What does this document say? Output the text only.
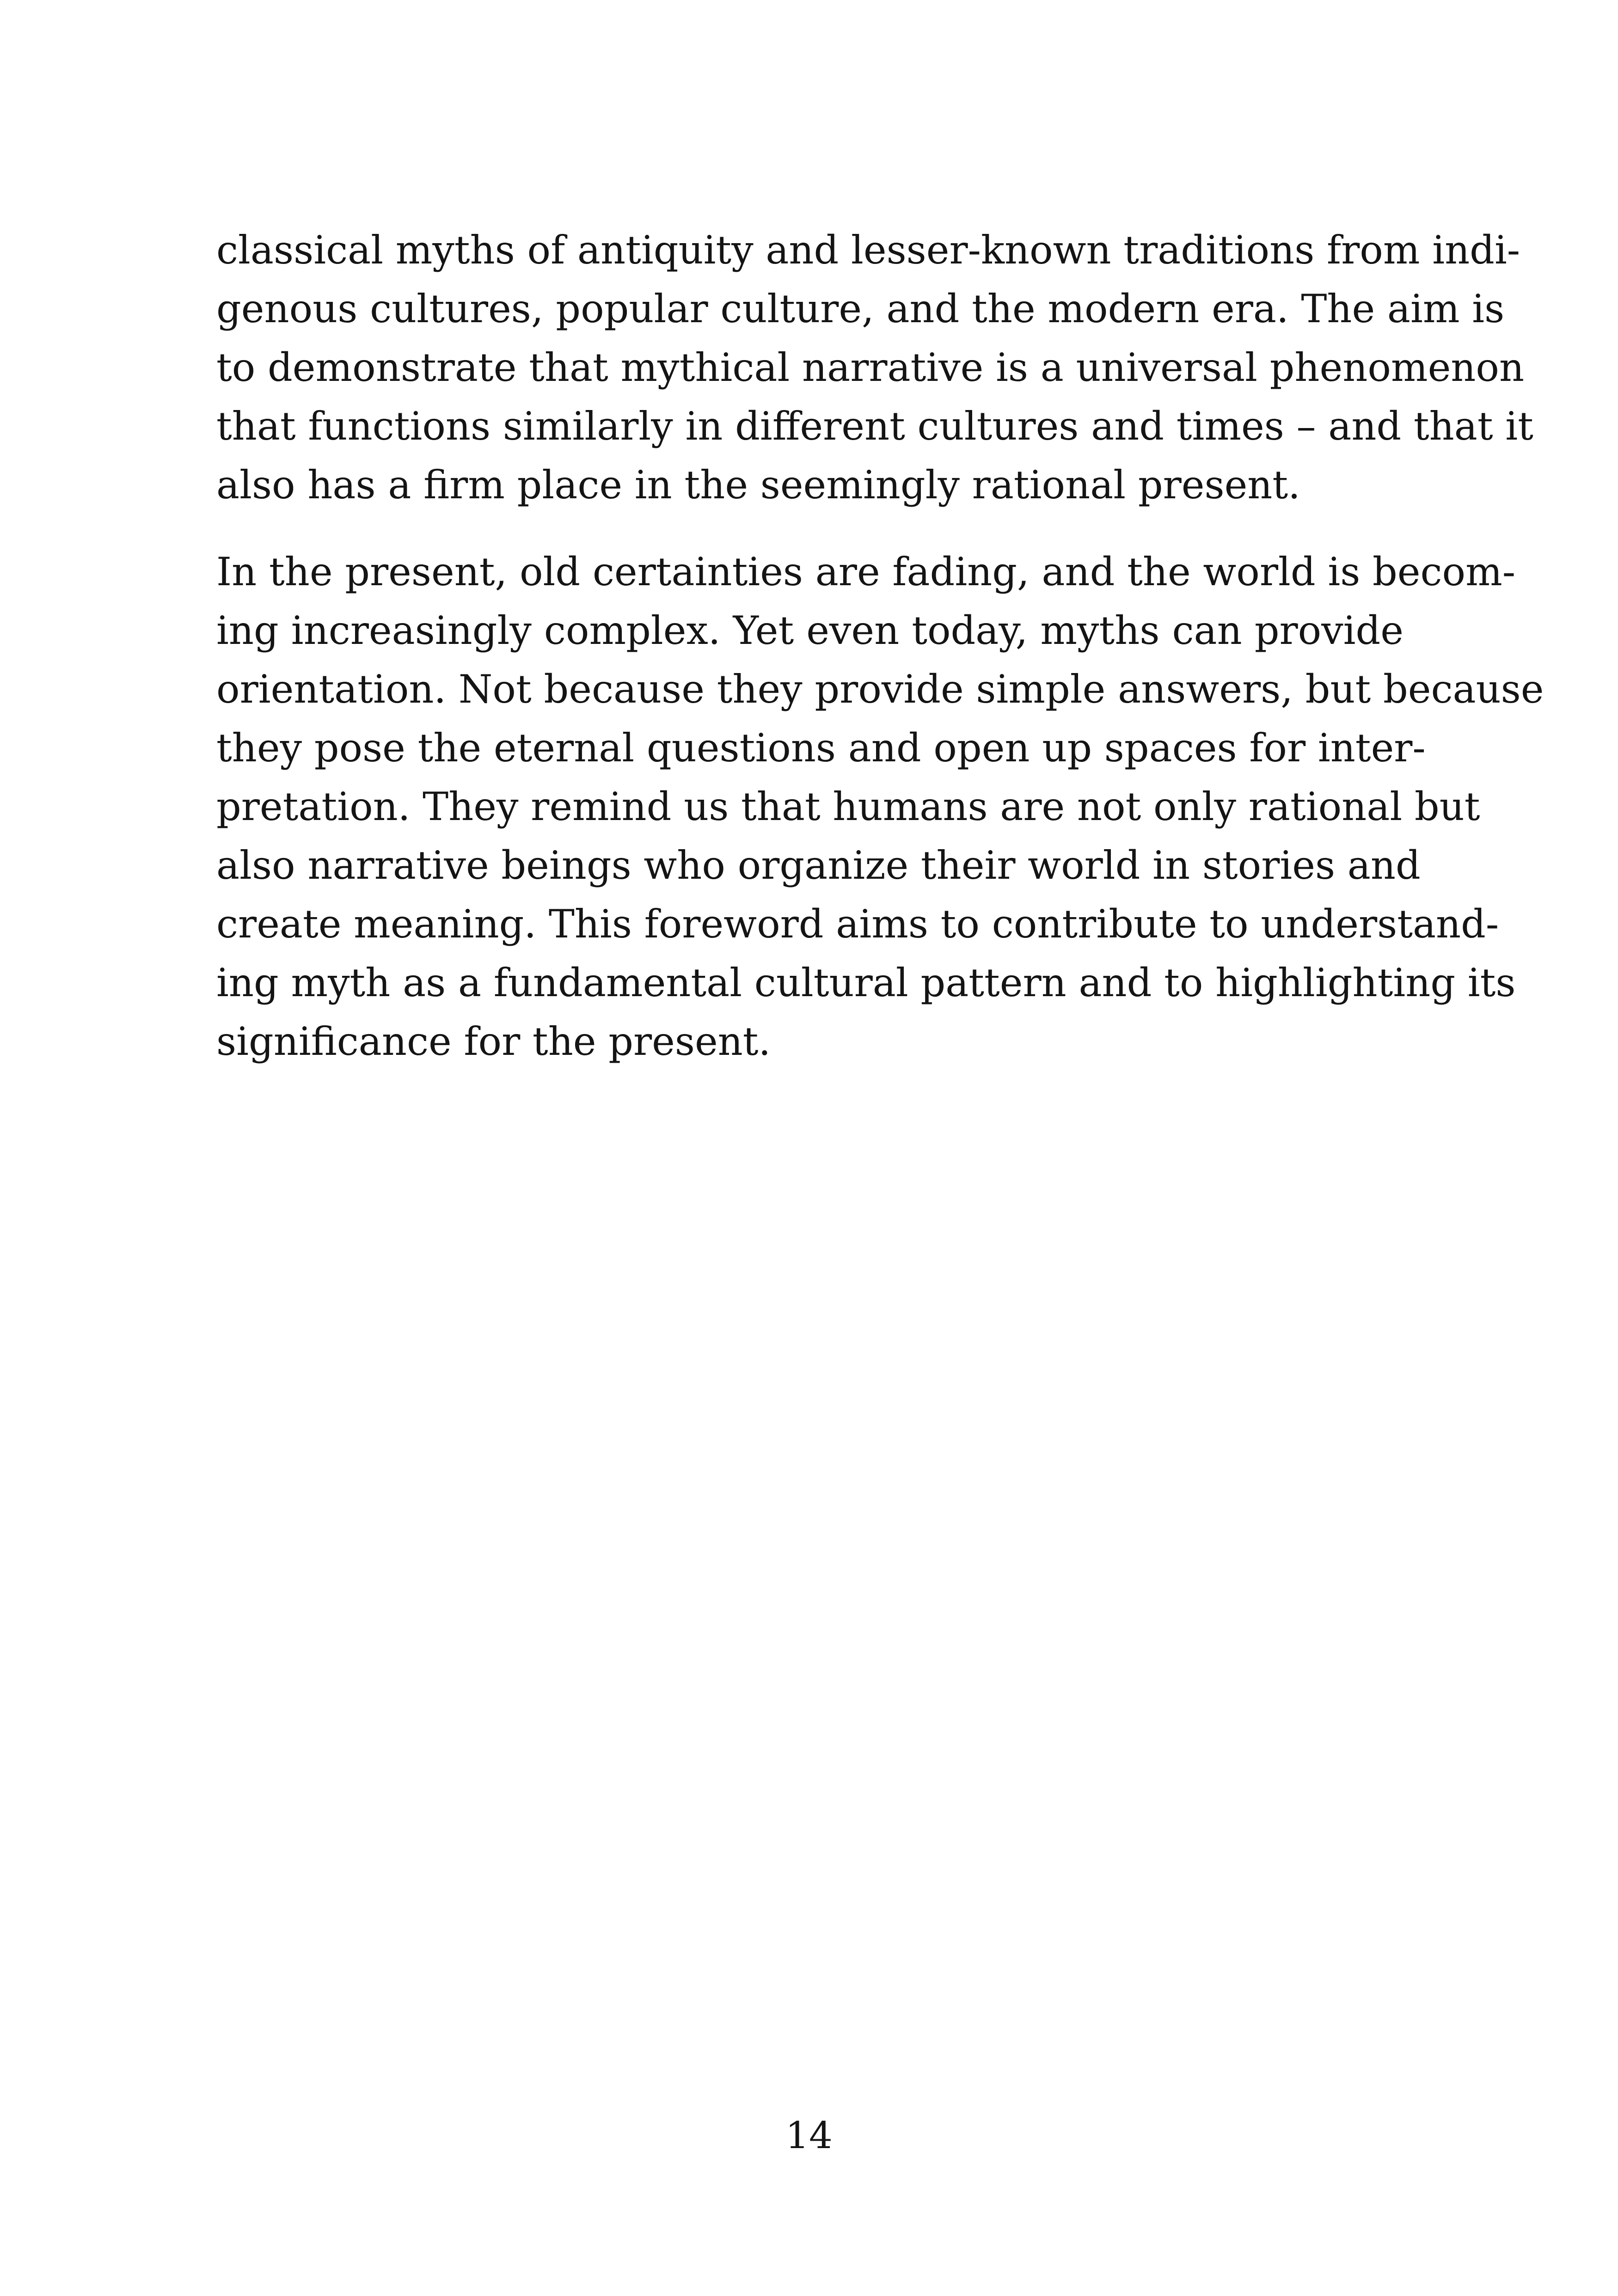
classical myths of antiquity and lesser-known traditions from indi-
genous cultures, popular culture, and the modern era. The aim is
to demonstrate that mythical narrative is a universal phenomenon
that functions similarly in different cultures and times – and that it
also has a firm place in the seemingly rational present.

In the present, old certainties are fading, and the world is becom-
ing increasingly complex. Yet even today, myths can provide
orientation. Not because they provide simple answers, but because
they pose the eternal questions and open up spaces for inter-
pretation. They remind us that humans are not only rational but
also narrative beings who organize their world in stories and
create meaning. This foreword aims to contribute to understand-
ing myth as a fundamental cultural pattern and to highlighting its
significance for the present.

14
